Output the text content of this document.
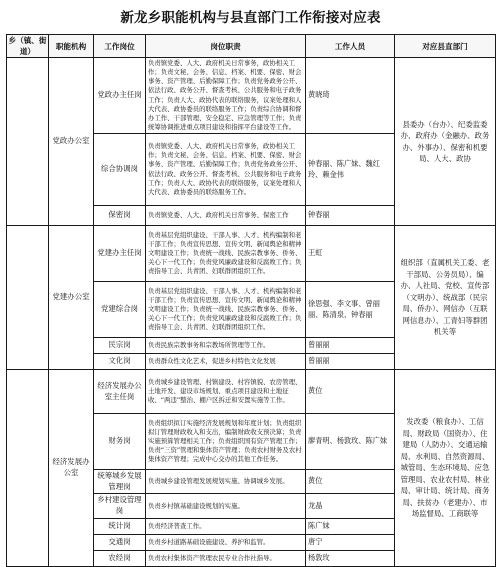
新龙乡职能机构与县直部门工作衔接对应表
乡（镇、街道）	职能机构	工作岗位	岗位职责	工作人员	对应县直部门
	党政办公室	党政办主任岗	负责镇党委、人大、政府机关日常事务，政协相关工作；负责文秘、会务、信息、档案、机要、保密、财会事务、资产管理、后勤保障工作；负责党务政务公开、依法行政、政务公开、督查考核、公共服务和电子政务工作；负责人大、政协代表的联络服务，议案处理和人大代表、政协委员的联络服务工作；负责综合协调和督办工作、干部管理、安全稳定、应急管理等工作；负责统筹协调推进重点项目建设和指挥平台建设等工作。	黄晓琦	县委办（台办）、纪委监委办、政府办（金融办、政务办、外事办）、保密和机要局、人大、政协
		综合协调岗	负责镇党委、人大、政府机关日常事务，政协相关工作；负责文秘、会务、信息、档案、机要、保密、财会事务、资产管理、后勤保障工作；负责党务政务公开、依法行政、政务公开、督查考核、公共服务和电子政务工作；负责人大、政协代表的联络服务，议案处理和人大代表、政协委员的联络服务工作。	钟春丽、陈广妹、魏红玲、赖金伟	
		保密岗	负责镇党委、人大、政府机关日常事务、保密工作	钟春丽	
	党建办公室	党建办主任岗	负责基层党组织建设、干部人事、人才、机构编制和老干部工作；负责宣传思想、宣传文明、新闻舆论和精神文明建设工作；负责统一战线、民族宗教事务、侨务、关心下一代工作；负责党风廉政建设和反腐败工作；负责指导工会、共青团、妇联群团组织工作。	王虹	组织部（直属机关工委、老干部局、公务员局）、编办、人社局、党校、宣传部（文明办）、统战部（民宗局、侨办）、网信办（互联网信息办）、工青妇等群团机关等
		党建综合岗	负责基层党组织建设、干部人事、人才、机构编制和老干部工作；负责宣传思想、宣传文明、新闻舆论和精神文明建设工作；负责统一战线、民族宗教事务、侨务、关心下一代工作；负责党风廉政建设和反腐败工作；负责指导工会、共青团、妇联群团组织工作。	徐思强、李文事、曾丽丽、陈清泉、钟春丽	
		民宗岗	负责民族宗教事务和宗教场所管理等工作。	曾丽丽	
		文化岗	负责群众性文化艺术，促进乡村特色文化发展	曾丽丽	
	经济发展办公室	经济发展办公室主任岗	负责城乡建设管理、村镇建设、村容镇貌、农房管理、土地开发、建设市场规划、重点项目建设和土地征收、“两违”整治、棚户区拆迁和安置实施等工作。	黄位	发改委（粮食办）、工信局、财政局（国资办）、住建局（人防办）、交通运输局、水利局、自然资源局、城管局、生态环境局、应急管理局、农业农村局、林业局、审计局、统计局、商务局、扶贫办（老建办）、市场监督局、工商联等
		财务岗	负责组织拟订实施经济发展规划和年度计划；负责组织拟订管理财政收入和支出，编制财政收支预决算；负责实施预算管理相关工作；负责组织国有资产管理工作；负责“三资”管理和集体资产管理；负责农村财务及农村集体资产管理；完成中心交办的其他工作任务。	廖青明、杨敦玫、陈广妹	
		统筹城乡发展管理岗	负责城乡建设管理发展规划实施、协调城乡发展。	黄位	
		乡村建设管理岗	负责乡村镇基础建设规划的实施。	龙晶	
		统计岗	负责经济普查工作。	陈广妹	
		交通岗	负责乡村道路基础设施建设、养护和监管。	唐宁	
		农经岗	负责农村集体资产管理农民专业合作社指导。	杨敦玫	
